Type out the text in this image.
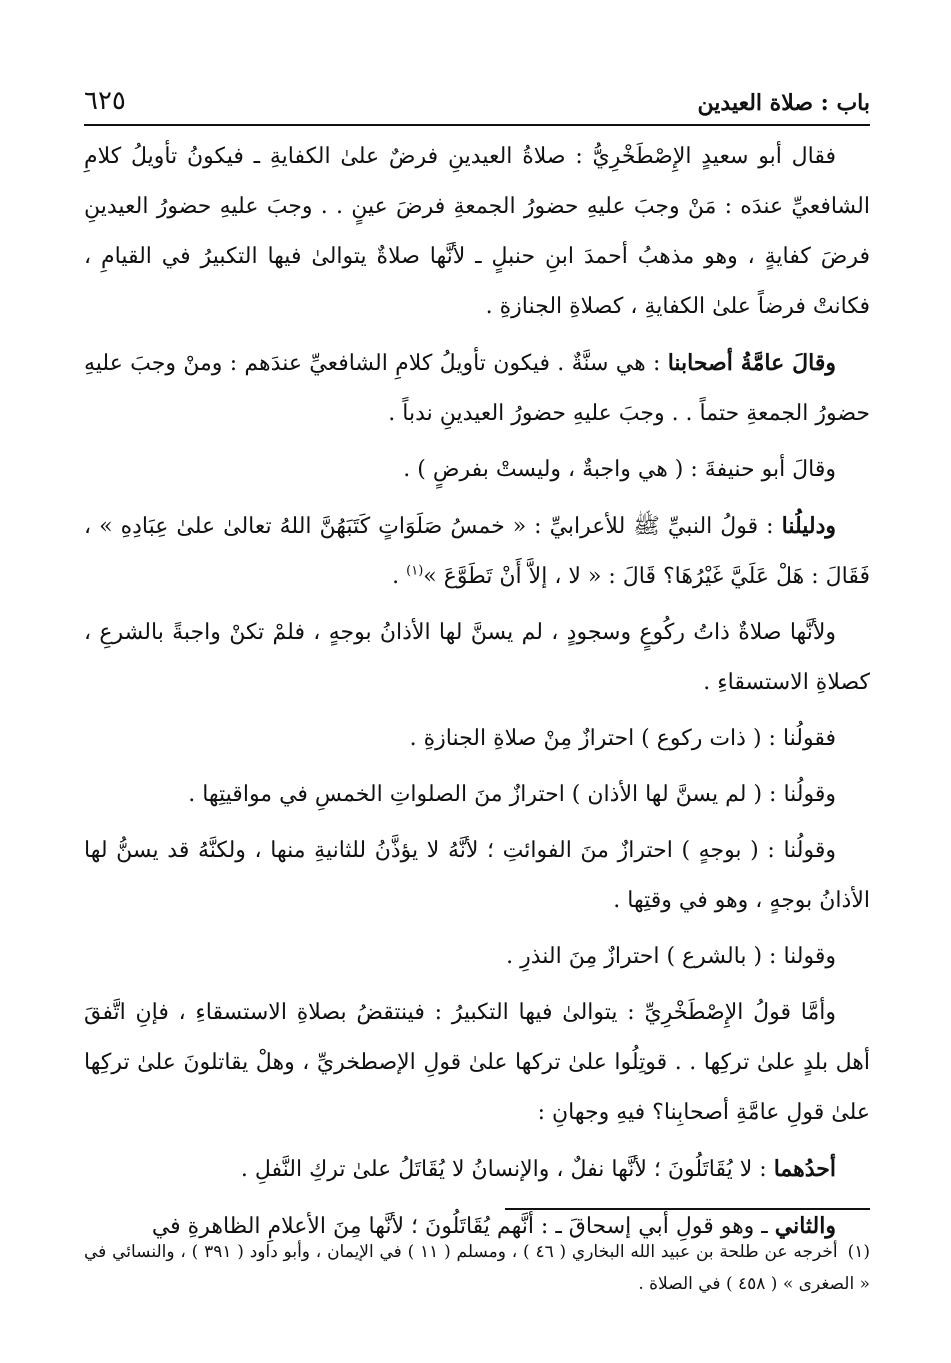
باب : صلاة العيدين
٦٢٥

فقال أبو سعيدٍ الإِصْطَخْرِيُّ : صلاةُ العيدينِ فرضٌ علىٰ الكفايةِ ـ فيكونُ تأويلُ كلامِ الشافعيِّ عندَه : مَنْ وجبَ عليهِ حضورُ الجمعةِ فرضَ عينٍ . . وجبَ عليهِ حضورُ العيدينِ فرضَ كفايةٍ ، وهو مذهبُ أحمدَ ابنِ حنبلٍ ـ لأنَّها صلاةٌ يتوالىٰ فيها التكبيرُ في القيامِ ، فكانتْ فرضاً علىٰ الكفايةِ ، كصلاةِ الجنازةِ .

وقالَ عامَّةُ أصحابنا : هي سنَّةٌ . فيكون تأويلُ كلامِ الشافعيِّ عندَهم : ومنْ وجبَ عليهِ حضورُ الجمعةِ حتماً . . وجبَ عليهِ حضورُ العيدينِ ندباً .

وقالَ أبو حنيفةَ : ( هي واجبةٌ ، وليستْ بفرضٍ ) .

ودليلُنا : قولُ النبيِّ ﷺ للأعرابيِّ : « خمسُ صَلَوَاتٍ كَتَبَهُنَّ اللهُ تعالىٰ علىٰ عِبَادِهِ » ، فَقَالَ : هَلْ عَلَيَّ غَيْرُهَا؟ قَالَ : « لا ، إلاَّ أَنْ تَطَوَّعَ »$^{(١)}$ .

ولأنَّها صلاةٌ ذاتُ ركُوعٍ وسجودٍ ، لم يسنَّ لها الأذانُ بوجهٍ ، فلمْ تكنْ واجبةً بالشرعِ ، كصلاةِ الاستسقاءِ .

فقولُنا : ( ذات ركوع ) احترازٌ مِنْ صلاةِ الجنازةِ .

وقولُنا : ( لم يسنَّ لها الأذان ) احترازٌ منَ الصلواتِ الخمسِ في مواقيتِها .

وقولُنا : ( بوجهٍ ) احترازٌ منَ الفوائتِ ؛ لأنَّهُ لا يؤذَّنُ للثانيةِ منها ، ولكنَّهُ قد يسنُّ لها الأذانُ بوجهٍ ، وهو في وقتِها .

وقولنا : ( بالشرع ) احترازٌ مِنَ النذرِ .

وأمَّا قولُ الإِصْطَخْرِيِّ : يتوالىٰ فيها التكبيرُ : فينتقضُ بصلاةِ الاستسقاءِ ، فإنِ اتَّفقَ أهل بلدٍ علىٰ تركِها . . قوتِلُوا علىٰ تركها علىٰ قولِ الإصطخريِّ ، وهلْ يقاتلونَ علىٰ تركِها علىٰ قولِ عامَّةِ أصحابِنا؟ فيهِ وجهانِ :

أحدُهما : لا يُقَاتَلُونَ ؛ لأنَّها نفلٌ ، والإنسانُ لا يُقَاتَلُ علىٰ تركِ النَّفلِ .

والثاني ـ وهو قولِ أبي إسحاقَ ـ : أنَّهم يُقَاتَلُونَ ؛ لأنَّها مِنَ الأعلامِ الظاهرةِ في

(١)أخرجه عن طلحة بن عبيد الله البخاري ( ٤٦ ) ، ومسلم ( ١١ ) في الإيمان ، وأبو داود ( ٣٩١ ) ، والنسائي في « الصغرى » ( ٤٥٨ ) في الصلاة .
